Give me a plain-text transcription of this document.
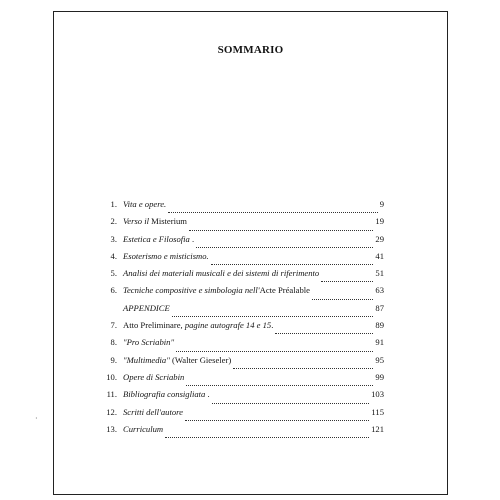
SOMMARIO
1. Vita e opere.	9
2. Verso il Misterium	19
3. Estetica e Filosofia .	29
4. Esoterismo e misticismo.	41
5. Analisi dei materiali musicali e dei sistemi di riferimento	51
6. Tecniche compositive e simbologia nell'Acte Préalable	63
APPENDICE	87
7. Atto Preliminare, pagine autografe 14 e 15.	89
8. "Pro Scriabin"	91
9. "Multimedia" (Walter Gieseler)	95
10. Opere di Scriabin	99
11. Bibliografia consigliata .	103
12. Scritti dell'autore	115
13. Curriculum	121
·
